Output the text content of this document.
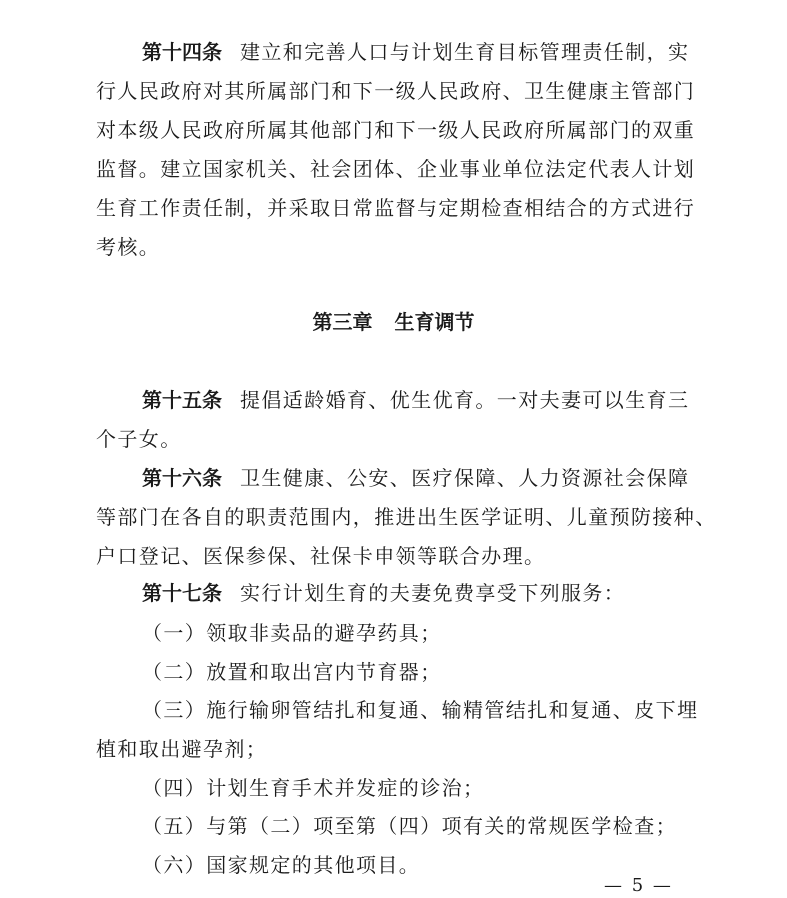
第十四条 建立和完善人口与计划生育目标管理责任制，实
行人民政府对其所属部门和下一级人民政府、卫生健康主管部门
对本级人民政府所属其他部门和下一级人民政府所属部门的双重
监督。建立国家机关、社会团体、企业事业单位法定代表人计划
生育工作责任制，并采取日常监督与定期检查相结合的方式进行
考核。
第三章 生育调节
第十五条 提倡适龄婚育、优生优育。一对夫妻可以生育三
个子女。
第十六条 卫生健康、公安、医疗保障、人力资源社会保障
等部门在各自的职责范围内，推进出生医学证明、儿童预防接种、
户口登记、医保参保、社保卡申领等联合办理。
第十七条 实行计划生育的夫妻免费享受下列服务：
（一）领取非卖品的避孕药具；
（二）放置和取出宫内节育器；
（三）施行输卵管结扎和复通、输精管结扎和复通、皮下埋
植和取出避孕剂；
（四）计划生育手术并发症的诊治；
（五）与第（二）项至第（四）项有关的常规医学检查；
（六）国家规定的其他项目。
— 5 —
